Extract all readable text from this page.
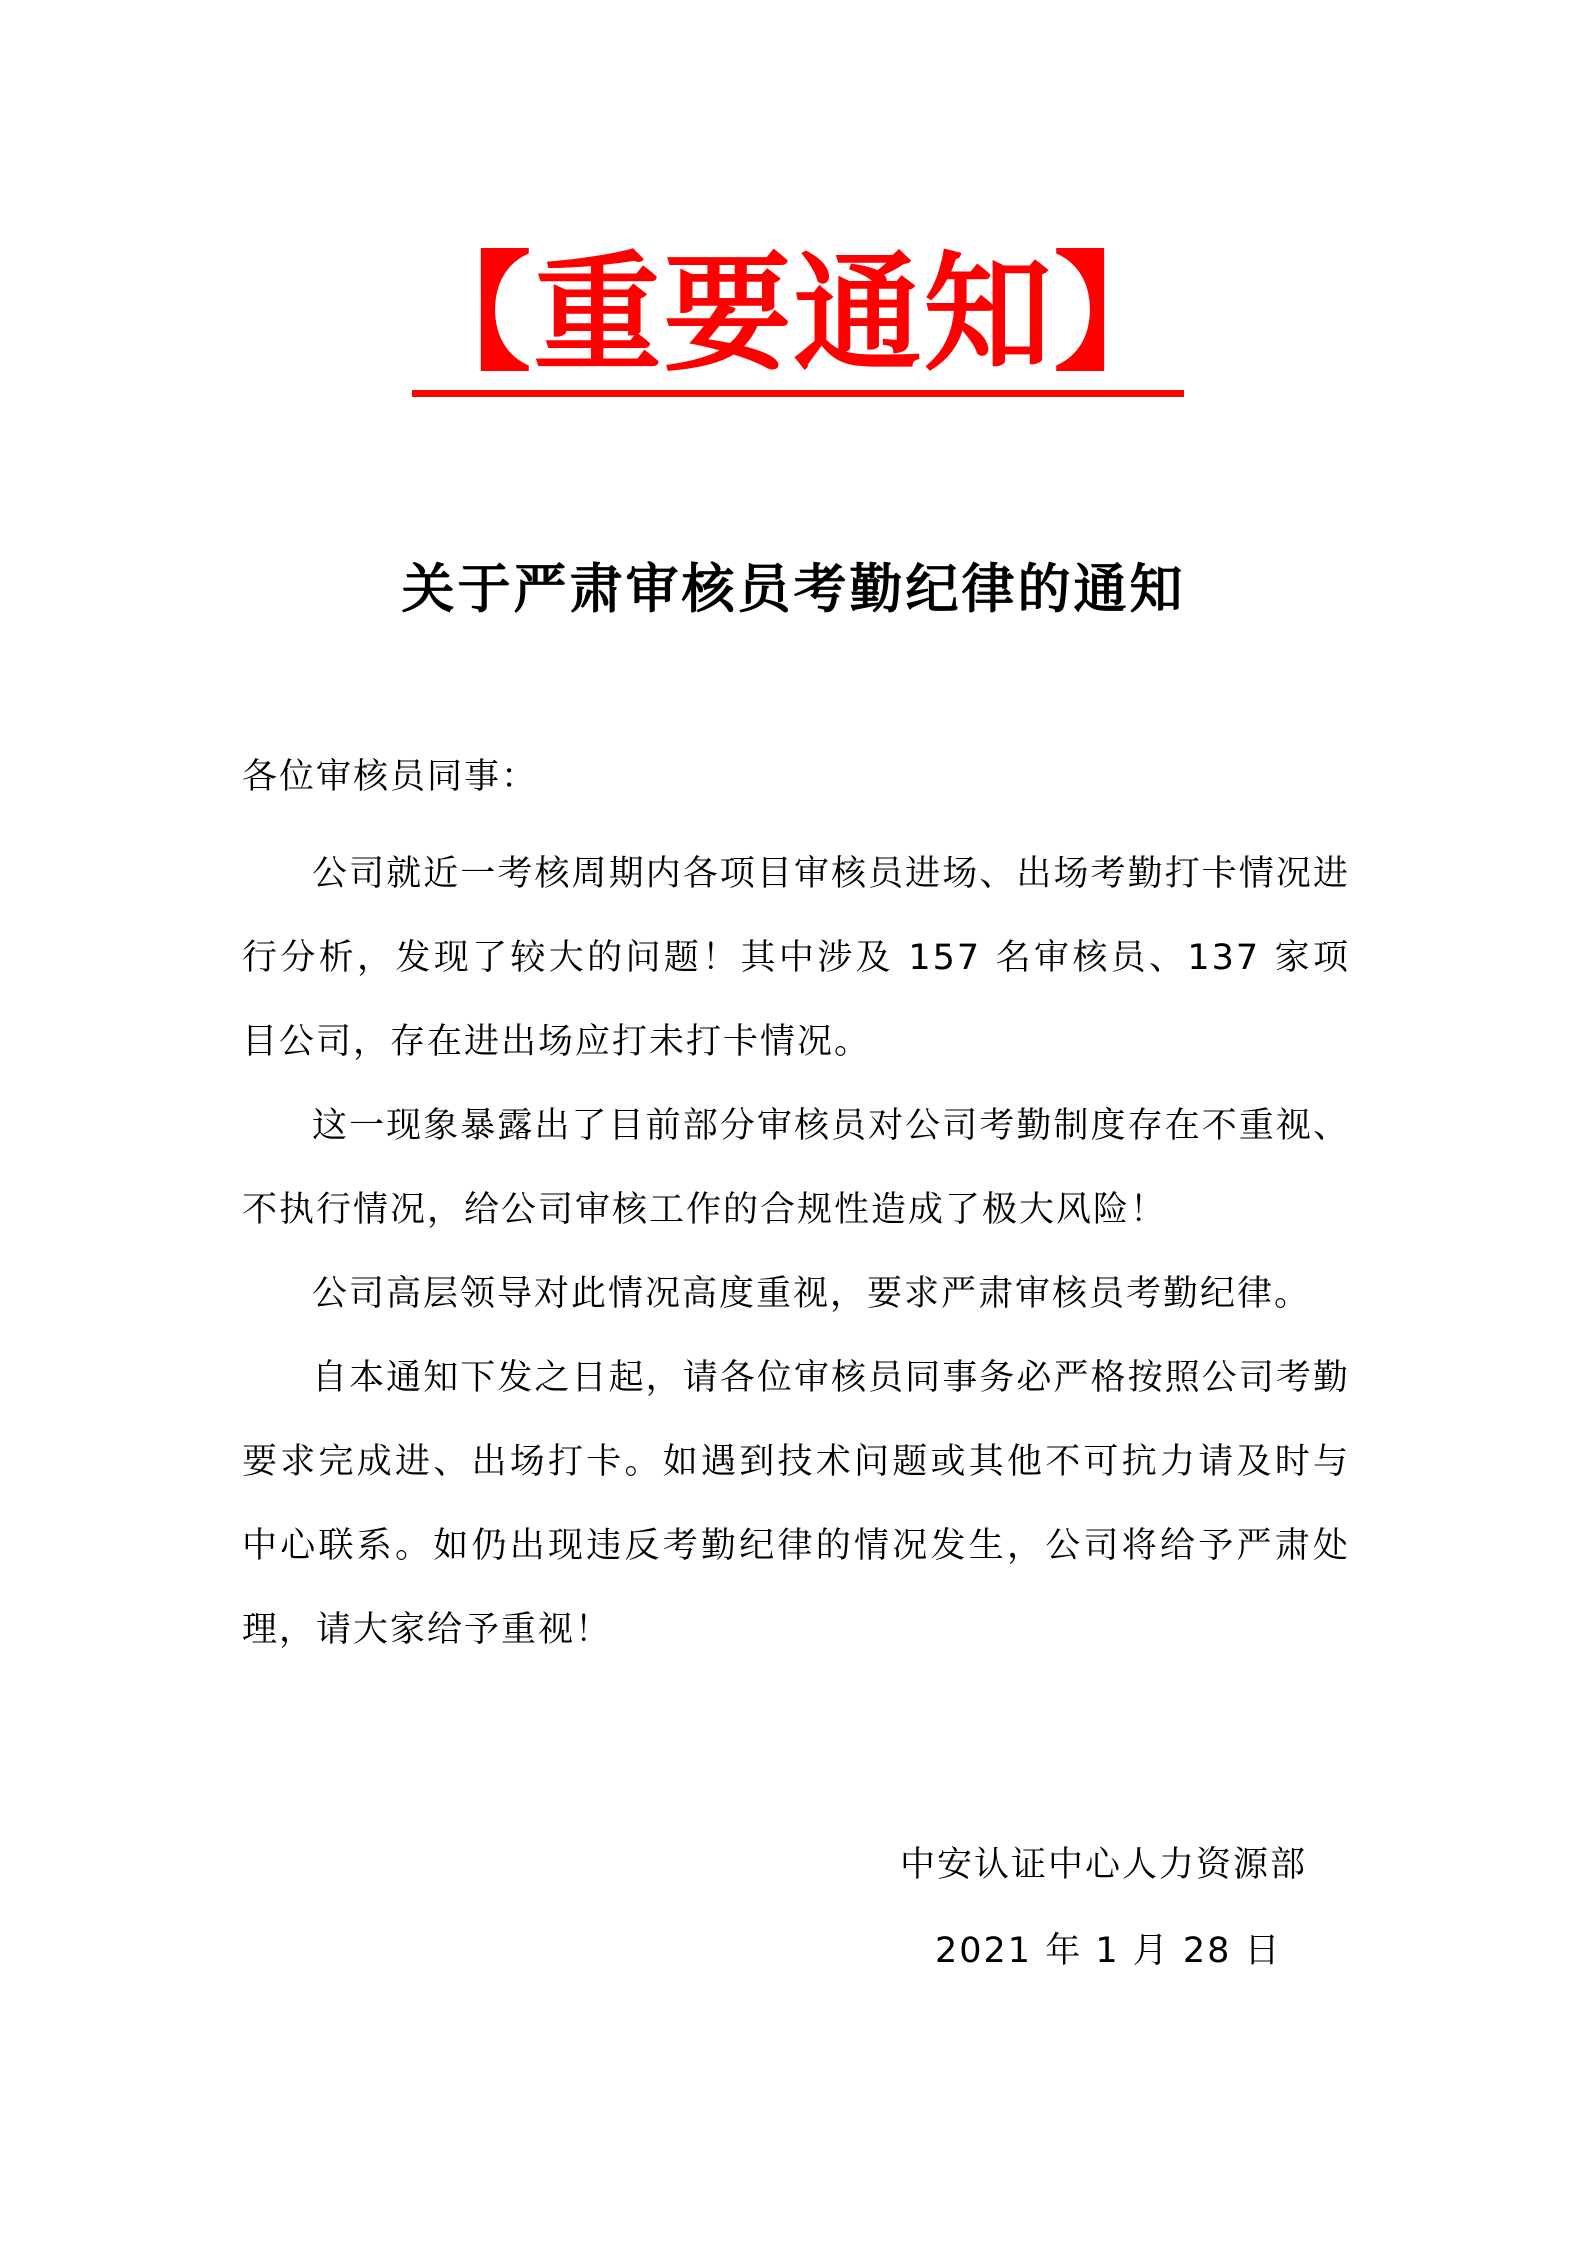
【重要通知】
关于严肃审核员考勤纪律的通知
各位审核员同事：

公司就近一考核周期内各项目审核员进场、出场考勤打卡情况进行分析，发现了较大的问题！其中涉及 157 名审核员、137 家项目公司，存在进出场应打未打卡情况。

这一现象暴露出了目前部分审核员对公司考勤制度存在不重视、不执行情况，给公司审核工作的合规性造成了极大风险！

公司高层领导对此情况高度重视，要求严肃审核员考勤纪律。

自本通知下发之日起，请各位审核员同事务必严格按照公司考勤要求完成进、出场打卡。如遇到技术问题或其他不可抗力请及时与中心联系。如仍出现违反考勤纪律的情况发生，公司将给予严肃处理，请大家给予重视！

中安认证中心人力资源部
2021 年 1 月 28 日
